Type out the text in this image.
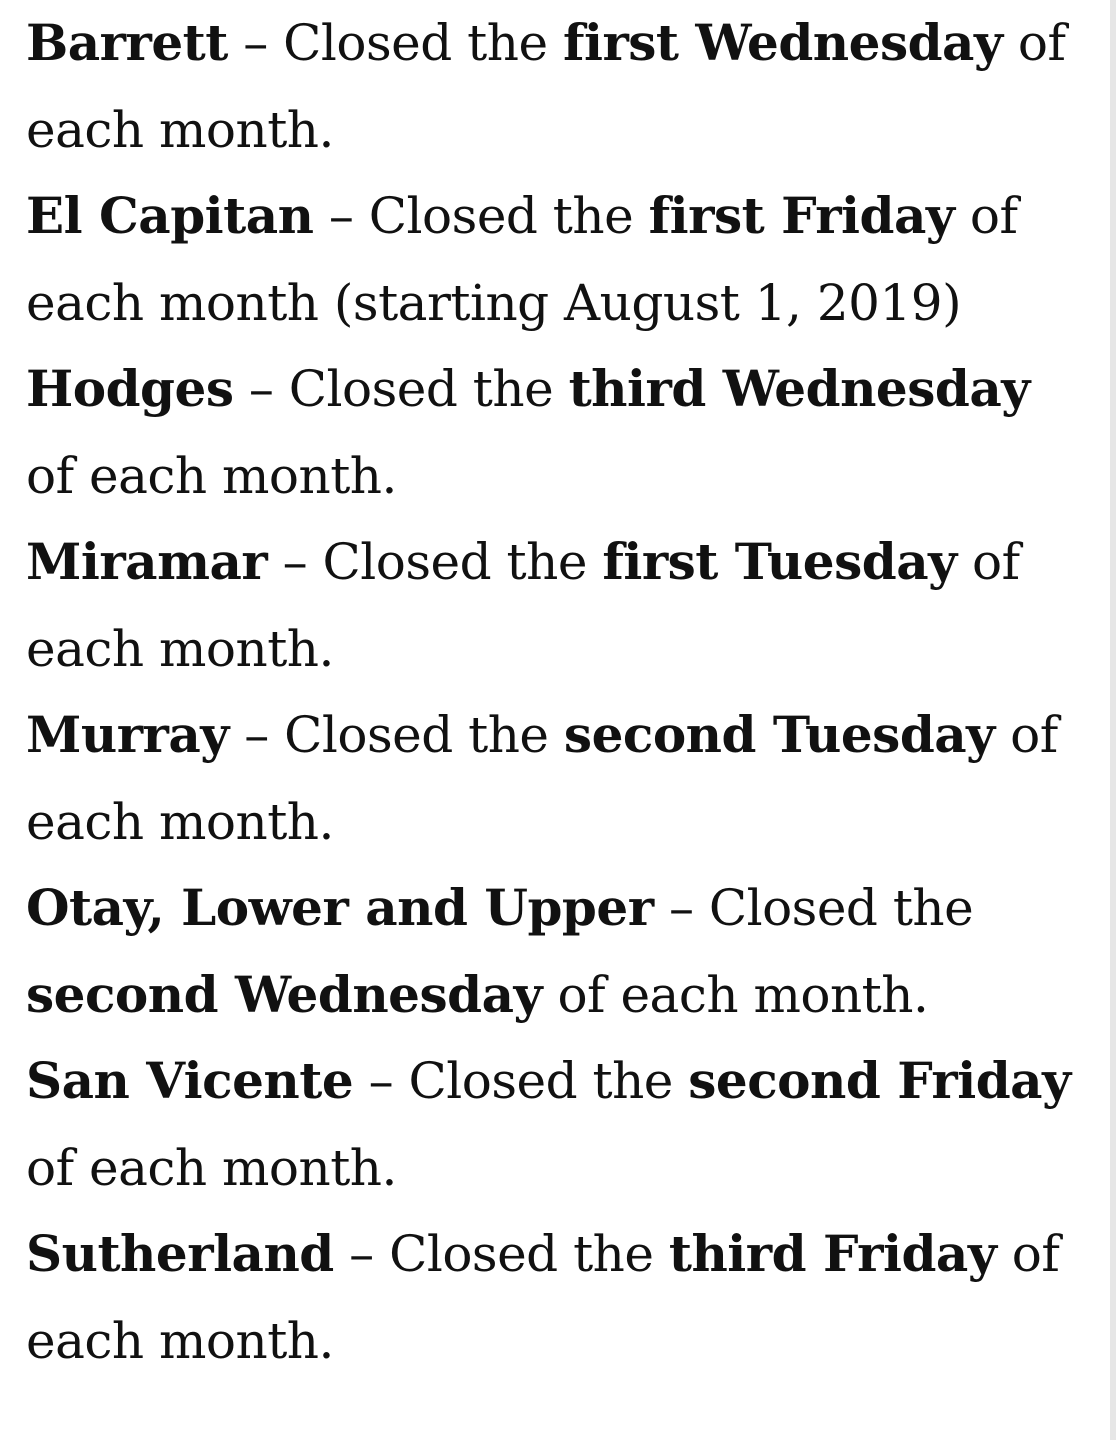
Barrett – Closed the first Wednesday of each month.

El Capitan – Closed the first Friday of each month (starting August 1, 2019)

Hodges – Closed the third Wednesday of each month.

Miramar – Closed the first Tuesday of each month.

Murray – Closed the second Tuesday of each month.

Otay, Lower and Upper – Closed the second Wednesday of each month.

San Vicente – Closed the second Friday of each month.

Sutherland – Closed the third Friday of each month.
